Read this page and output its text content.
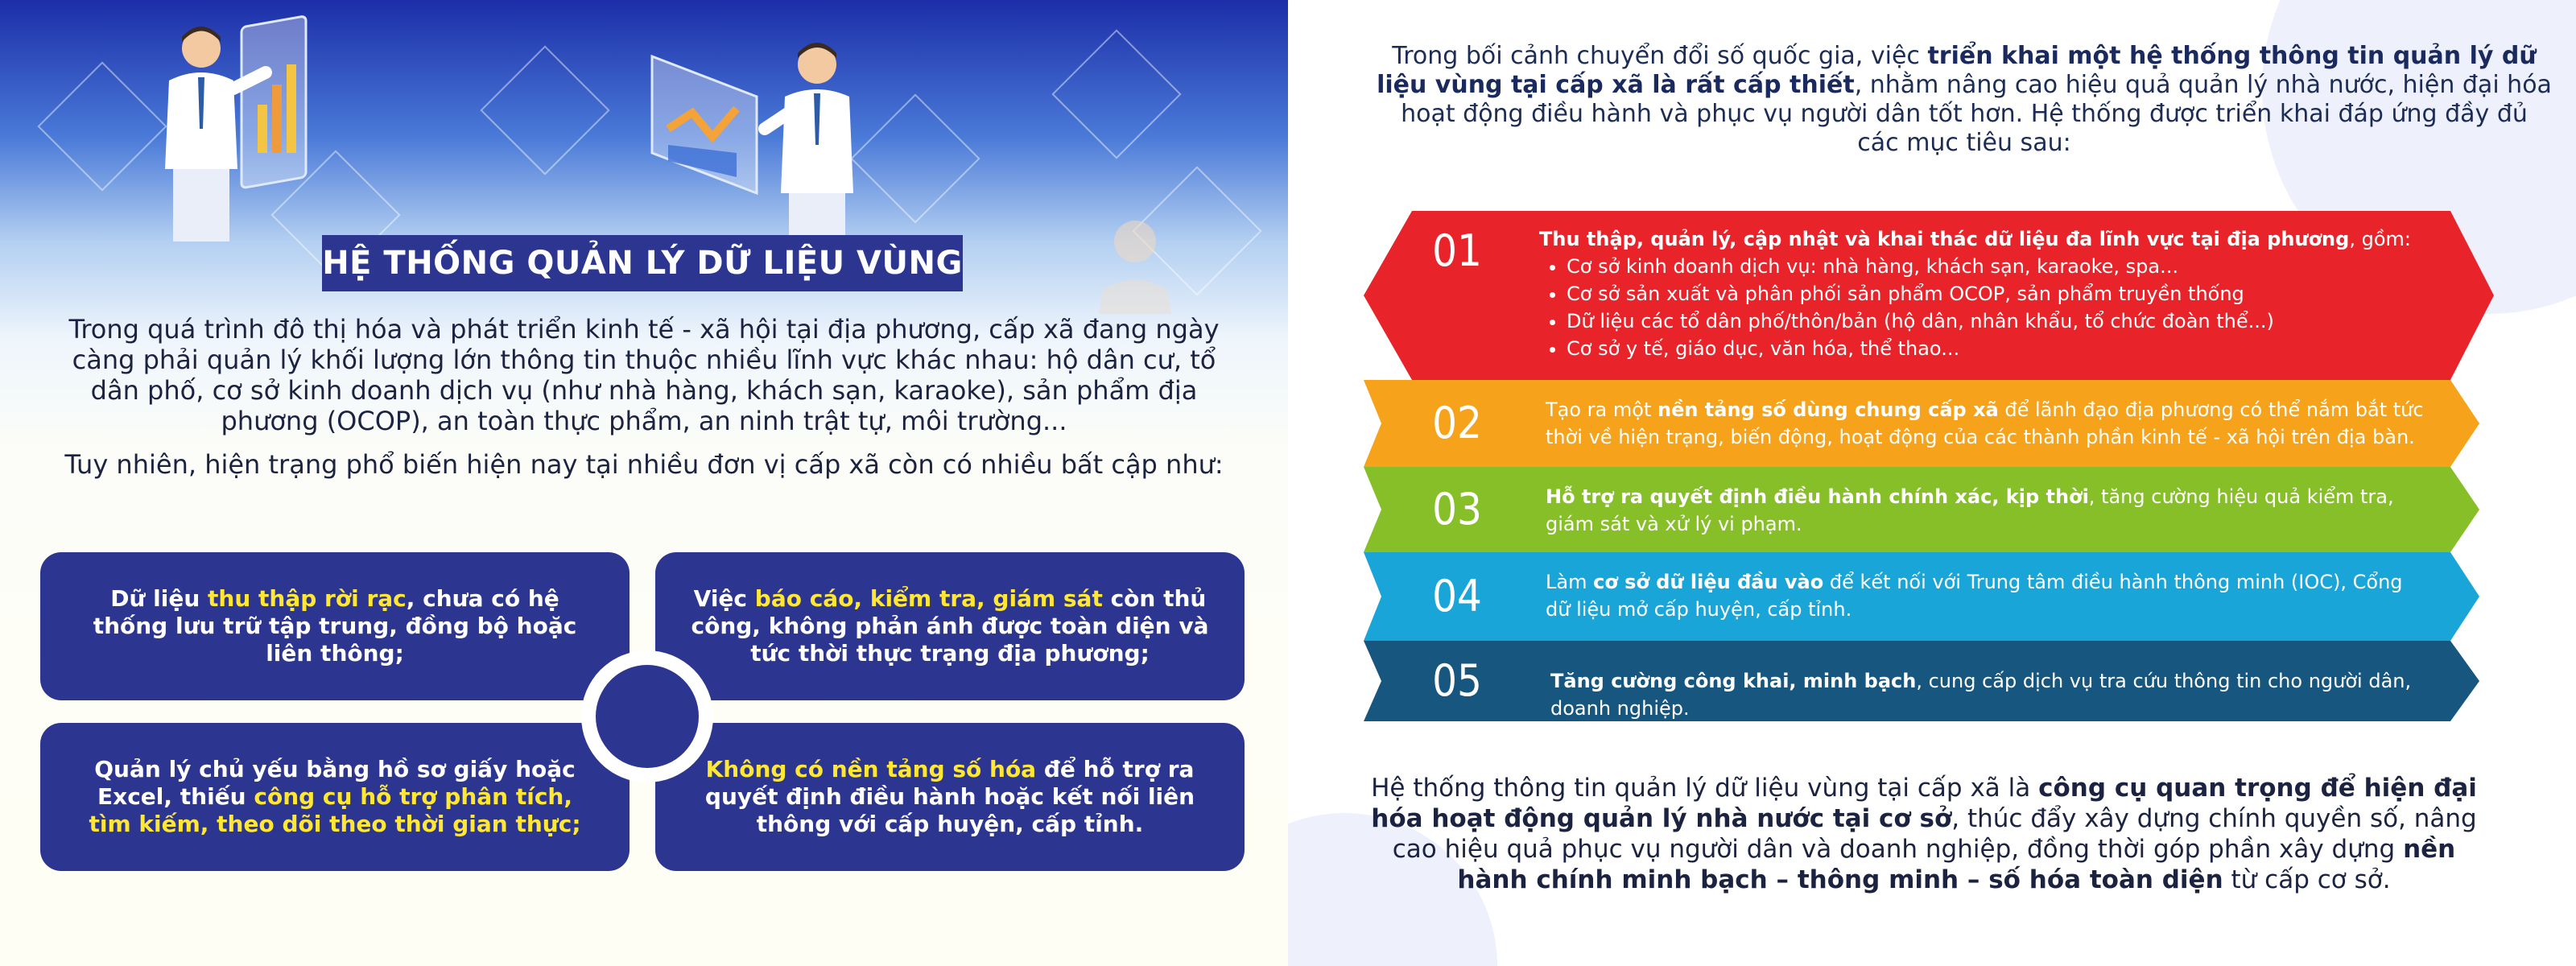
HỆ THỐNG QUẢN LÝ DỮ LIỆU VÙNG
Trong quá trình đô thị hóa và phát triển kinh tế - xã hội tại địa phương, cấp xã đang ngày càng phải quản lý khối lượng lớn thông tin thuộc nhiều lĩnh vực khác nhau: hộ dân cư, tổ dân phố, cơ sở kinh doanh dịch vụ (như nhà hàng, khách sạn, karaoke), sản phẩm địa phương (OCOP), an toàn thực phẩm, an ninh trật tự, môi trường...
Tuy nhiên, hiện trạng phổ biến hiện nay tại nhiều đơn vị cấp xã còn có nhiều bất cập như:
Dữ liệu thu thập rời rạc, chưa có hệ thống lưu trữ tập trung, đồng bộ hoặc liên thông;
Việc báo cáo, kiểm tra, giám sát còn thủ công, không phản ánh được toàn diện và tức thời thực trạng địa phương;
Quản lý chủ yếu bằng hồ sơ giấy hoặc Excel, thiếu công cụ hỗ trợ phân tích, tìm kiếm, theo dõi theo thời gian thực;
Không có nền tảng số hóa để hỗ trợ ra quyết định điều hành hoặc kết nối liên thông với cấp huyện, cấp tỉnh.
Trong bối cảnh chuyển đổi số quốc gia, việc triển khai một hệ thống thông tin quản lý dữ liệu vùng tại cấp xã là rất cấp thiết, nhằm nâng cao hiệu quả quản lý nhà nước, hiện đại hóa hoạt động điều hành và phục vụ người dân tốt hơn. Hệ thống được triển khai đáp ứng đầy đủ các mục tiêu sau:
01	Thu thập, quản lý, cập nhật và khai thác dữ liệu đa lĩnh vực tại địa phương, gồm:
• Cơ sở kinh doanh dịch vụ: nhà hàng, khách sạn, karaoke, spa...
• Cơ sở sản xuất và phân phối sản phẩm OCOP, sản phẩm truyền thống
• Dữ liệu các tổ dân phố/thôn/bản (hộ dân, nhân khẩu, tổ chức đoàn thể...)
• Cơ sở y tế, giáo dục, văn hóa, thể thao...
02	Tạo ra một nền tảng số dùng chung cấp xã để lãnh đạo địa phương có thể nắm bắt tức thời về hiện trạng, biến động, hoạt động của các thành phần kinh tế - xã hội trên địa bàn.
03	Hỗ trợ ra quyết định điều hành chính xác, kịp thời, tăng cường hiệu quả kiểm tra, giám sát và xử lý vi phạm.
04	Làm cơ sở dữ liệu đầu vào để kết nối với Trung tâm điều hành thông minh (IOC), Cổng dữ liệu mở cấp huyện, cấp tỉnh.
05	Tăng cường công khai, minh bạch, cung cấp dịch vụ tra cứu thông tin cho người dân, doanh nghiệp.
Hệ thống thông tin quản lý dữ liệu vùng tại cấp xã là công cụ quan trọng để hiện đại hóa hoạt động quản lý nhà nước tại cơ sở, thúc đẩy xây dựng chính quyền số, nâng cao hiệu quả phục vụ người dân và doanh nghiệp, đồng thời góp phần xây dựng nền hành chính minh bạch – thông minh – số hóa toàn diện từ cấp cơ sở.
